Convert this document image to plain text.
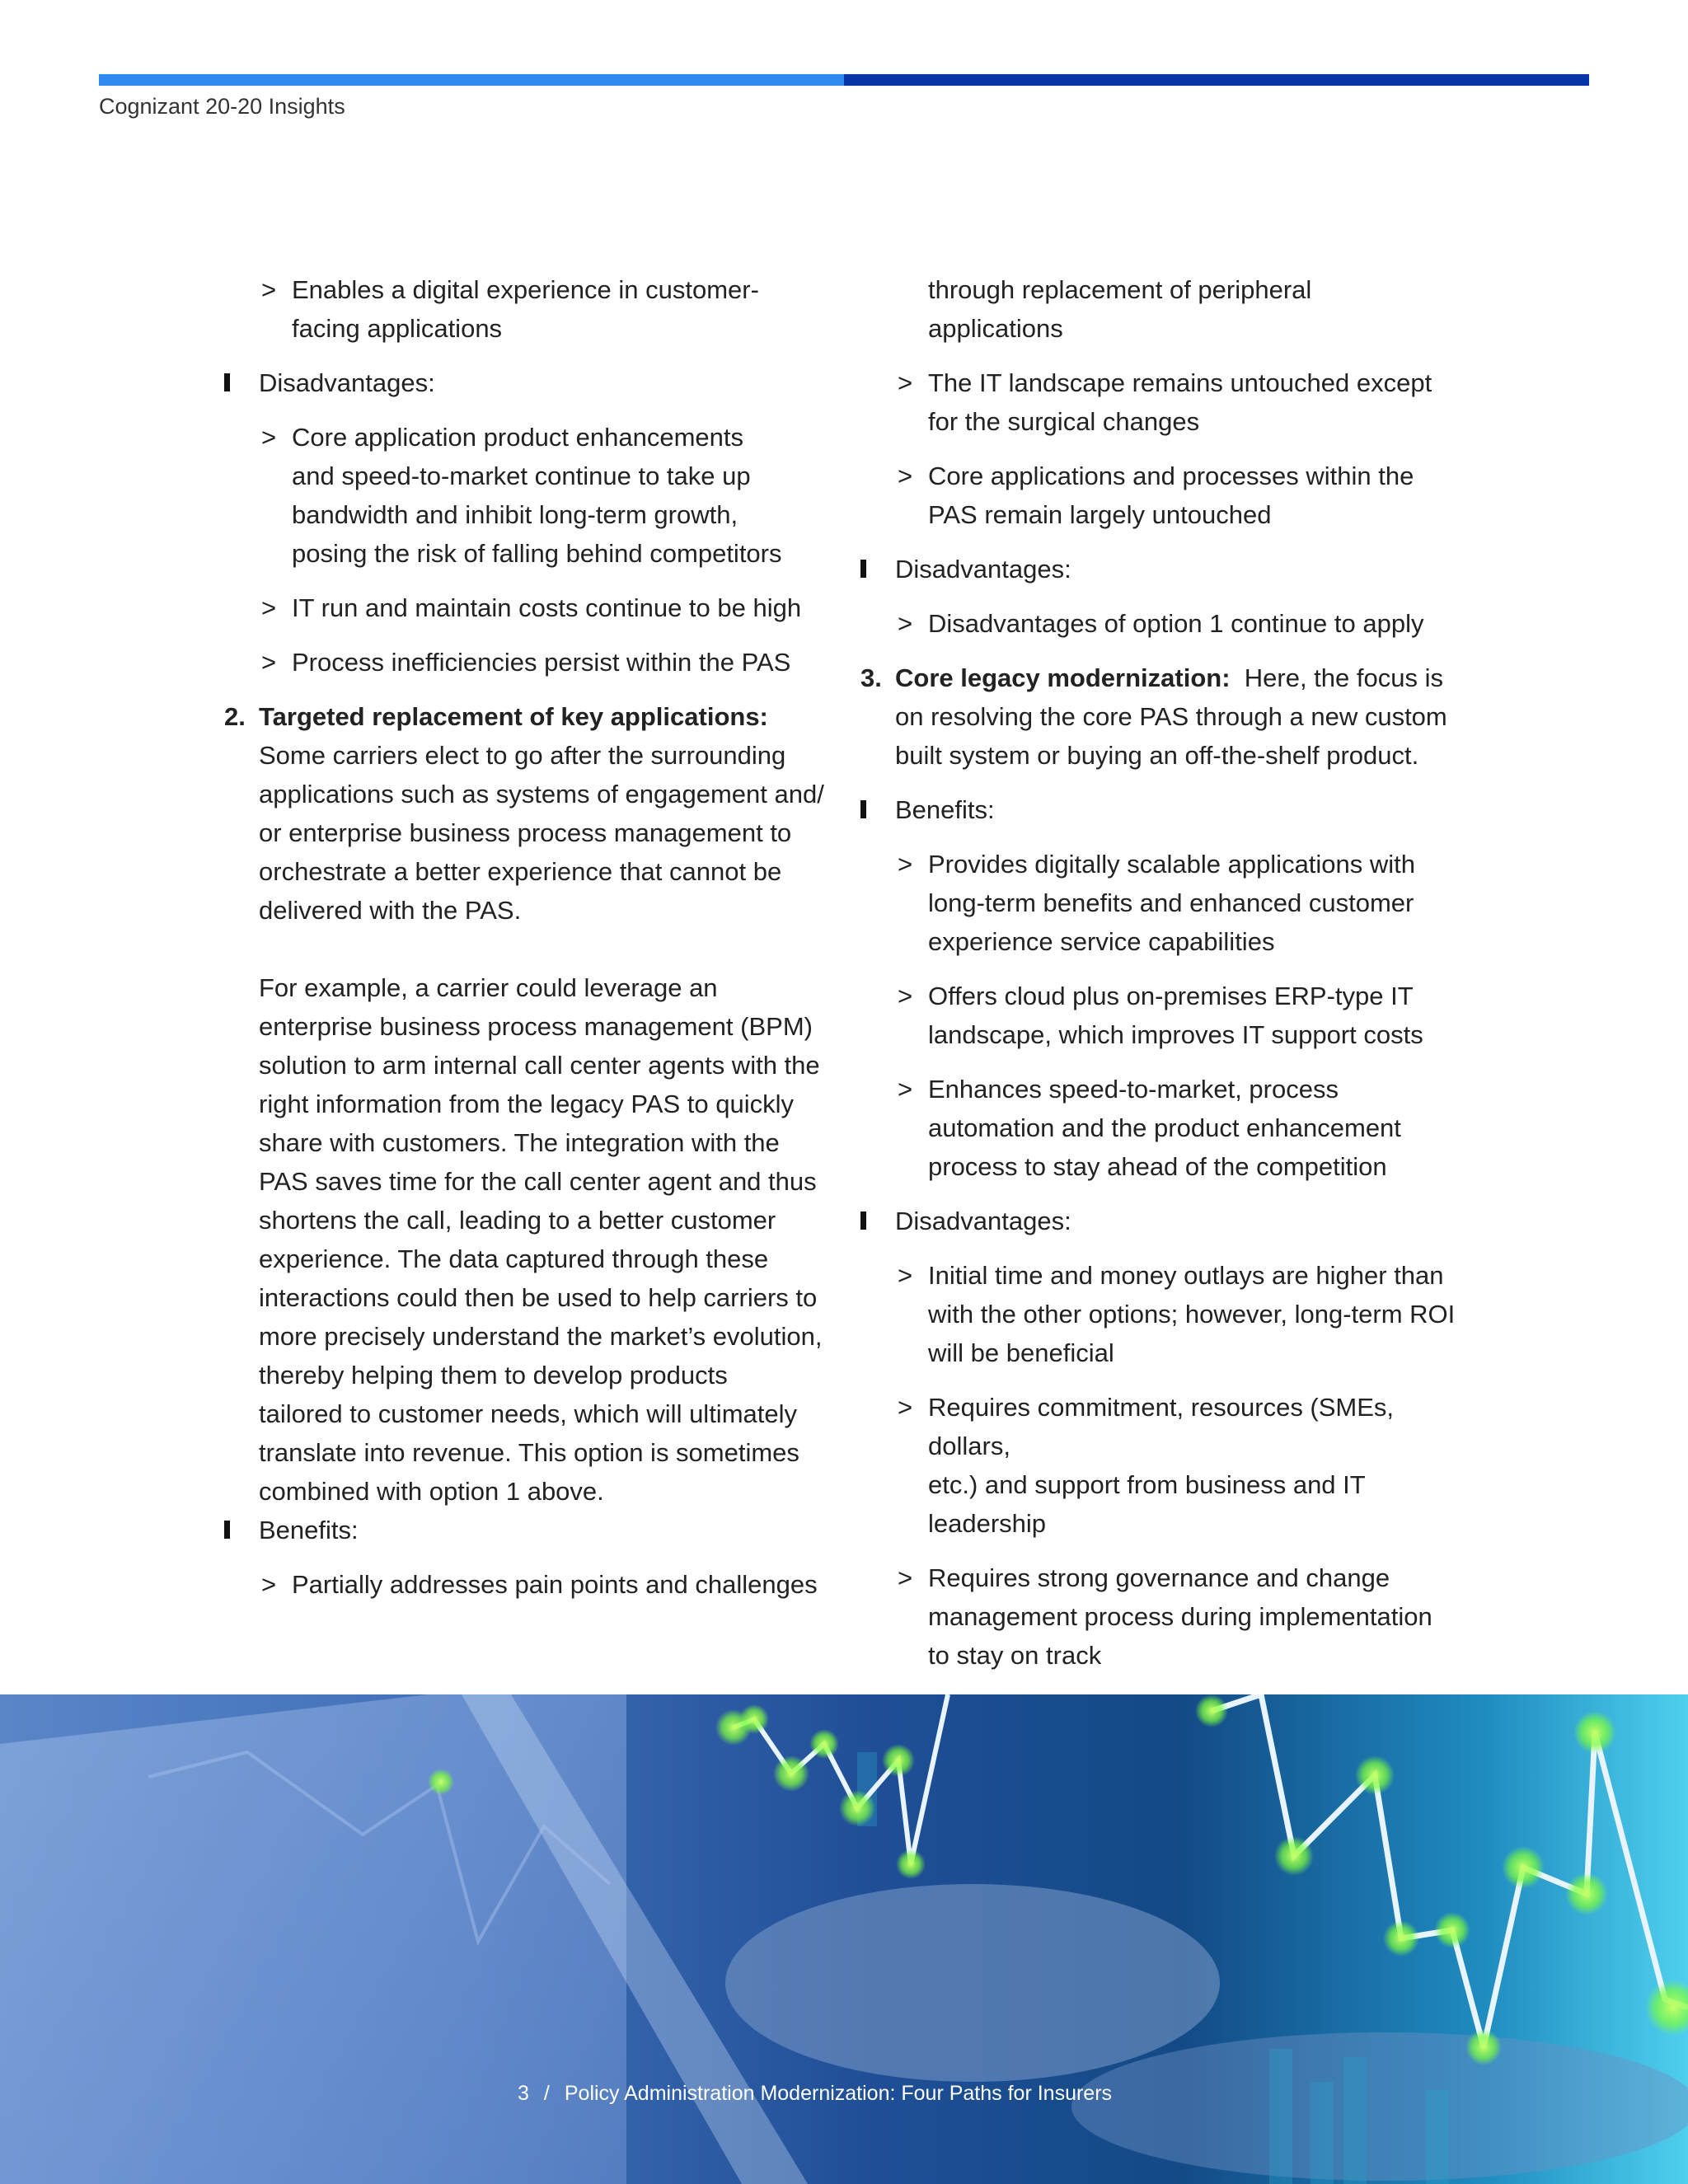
Cognizant 20-20 Insights
> Enables a digital experience in customer-
facing applications
Disadvantages:
> Core application product enhancements
and speed-to-market continue to take up
bandwidth and inhibit long-term growth,
posing the risk of falling behind competitors
> IT run and maintain costs continue to be high
> Process inefficiencies persist within the PAS
2. Targeted replacement of key applications:
Some carriers elect to go after the surrounding
applications such as systems of engagement and/
or enterprise business process management to
orchestrate a better experience that cannot be
delivered with the PAS.
For example, a carrier could leverage an
enterprise business process management (BPM)
solution to arm internal call center agents with the
right information from the legacy PAS to quickly
share with customers. The integration with the
PAS saves time for the call center agent and thus
shortens the call, leading to a better customer
experience. The data captured through these
interactions could then be used to help carriers to
more precisely understand the market’s evolution,
thereby helping them to develop products
tailored to customer needs, which will ultimately
translate into revenue. This option is sometimes
combined with option 1 above.
Benefits:
> Partially addresses pain points and challenges
through replacement of peripheral
applications
> The IT landscape remains untouched except
for the surgical changes
> Core applications and processes within the
PAS remain largely untouched
Disadvantages:
> Disadvantages of option 1 continue to apply
3. Core legacy modernization: Here, the focus is
on resolving the core PAS through a new custom
built system or buying an off-the-shelf product.
Benefits:
> Provides digitally scalable applications with
long-term benefits and enhanced customer
experience service capabilities
> Offers cloud plus on-premises ERP-type IT
landscape, which improves IT support costs
> Enhances speed-to-market, process
automation and the product enhancement
process to stay ahead of the competition
Disadvantages:
> Initial time and money outlays are higher than
with the other options; however, long-term ROI
will be beneficial
> Requires commitment, resources (SMEs, dollars,
etc.) and support from business and IT leadership
> Requires strong governance and change
management process during implementation
to stay on track
3 / Policy Administration Modernization: Four Paths for Insurers
